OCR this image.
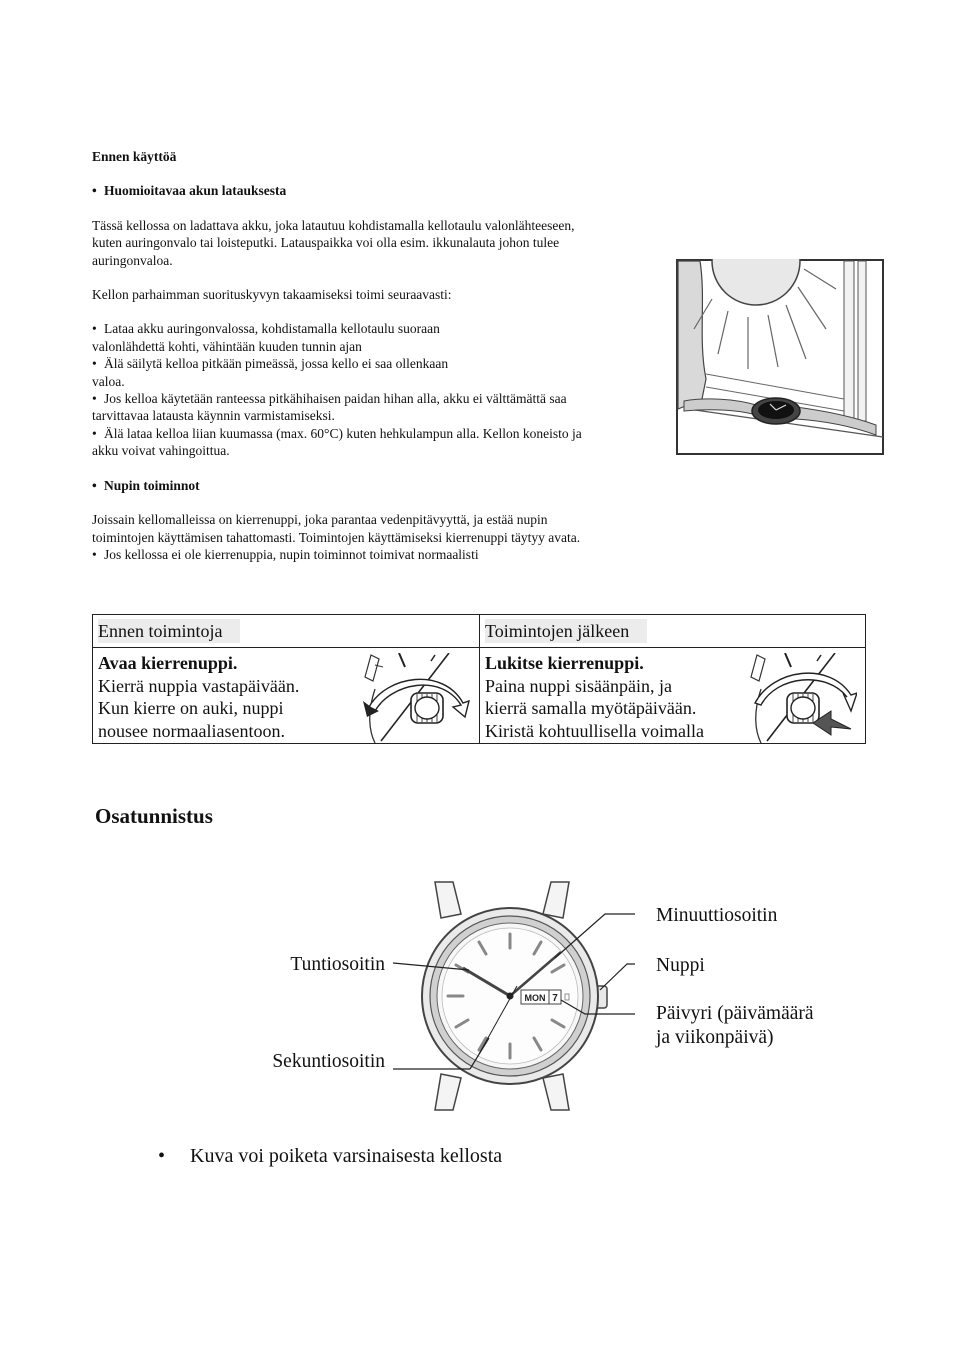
Ennen käyttöä

• Huomioitavaa akun latauksesta

Tässä kellossa on ladattava akku, joka latautuu kohdistamalla kellotaulu valonlähteeseen,

kuten auringonvalo tai loisteputki. Latauspaikka voi olla esim. ikkunalauta johon tulee

auringonvaloa.

Kellon parhaimman suorituskyvyn takaamiseksi toimi seuraavasti:

• Lataa akku auringonvalossa, kohdistamalla kellotaulu suoraan

valonlähdettä kohti, vähintään kuuden tunnin ajan

• Älä säilytä kelloa pitkään pimeässä, jossa kello ei saa ollenkaan

valoa.

• Jos kelloa käytetään ranteessa pitkähihaisen paidan hihan alla, akku ei välttämättä saa

tarvittavaa latausta käynnin varmistamiseksi.

• Älä lataa kelloa liian kuumassa (max. 60°C) kuten hehkulampun alla. Kellon koneisto ja

akku voivat vahingoittua.

• Nupin toiminnot

Joissain kellomalleissa on kierrenuppi, joka parantaa vedenpitävyyttä, ja estää nupin

toimintojen käyttämisen tahattomasti. Toimintojen käyttämiseksi kierrenuppi täytyy avata.

• Jos kellossa ei ole kierrenuppia, nupin toiminnot toimivat normaalisti

Ennen toimintoja
Avaa kierrenuppi.
Kierrä nuppia vastapäivään.
Kun kierre on auki, nuppi
nousee normaaliasentoon.
Toimintojen jälkeen
Lukitse kierrenuppi.
Paina nuppi sisäänpäin, ja
kierrä samalla myötäpäivään.
Kiristä kohtuullisella voimalla
Osatunnistus
MON 7
Tuntiosoitin
Sekuntiosoitin
Minuuttiosoitin
Nuppi
Päivyri (päivämäärä
ja viikonpäivä)
• Kuva voi poiketa varsinaisesta kellosta
